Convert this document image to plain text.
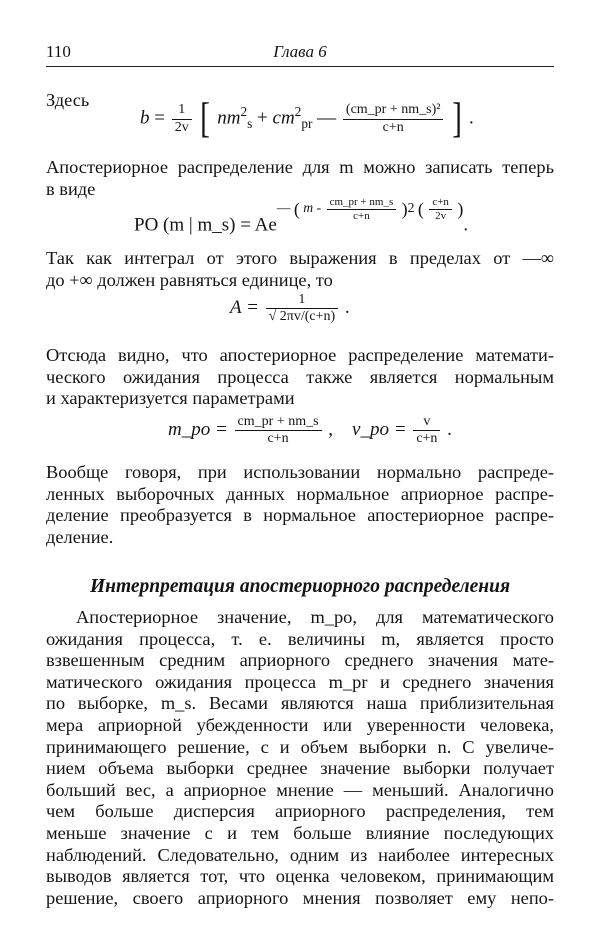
110	Глава 6
Здесь
$b = \frac{1}{2v}$ [ $nm^2_s + cm^2_{pr}$ — $\frac{\text{(cm\_pr + nm\_s)²}}{c+n}$ ] .
Апостериорное распределение для m можно записать теперь
в виде
PO (m | m_s) = $Ae^{— ( m - \frac{cm\_pr + nm\_s}{c+n} )2 ( \frac{c+n}{2v} )}$.
Так как интеграл от этого выражения в пределах от —∞
до +∞ должен равняться единице, то
$A = \frac{1}{√ 2\pi v/(c+n)}$ .
Отсюда видно, что апостериорное распределение математи-
ческого ожидания процесса также является нормальным
и характеризуется параметрами
m_po = $\frac{cm\_pr + nm\_s}{c+n}$ , v_po = $\frac{v}{c+n}$ .
Вообще говоря, при использовании нормально распреде-
ленных выборочных данных нормальное априорное распре-
деление преобразуется в нормальное апостериорное распре-
деление.
Интерпретация апостериорного распределения
Апостериорное значение, m_po, для математического
ожидания процесса, т. е. величины m, является просто
взвешенным средним априорного среднего значения мате-
матического ожидания процесса m_pr и среднего значения
по выборке, m_s. Весами являются наша приблизительная
мера априорной убежденности или уверенности человека,
принимающего решение, c и объем выборки n. С увеличе-
нием объема выборки среднее значение выборки получает
больший вес, а априорное мнение — меньший. Аналогично
чем больше дисперсия априорного распределения, тем
меньше значение c и тем больше влияние последующих
наблюдений. Следовательно, одним из наиболее интересных
выводов является тот, что оценка человеком, принимающим
решение, своего априорного мнения позволяет ему непо-
